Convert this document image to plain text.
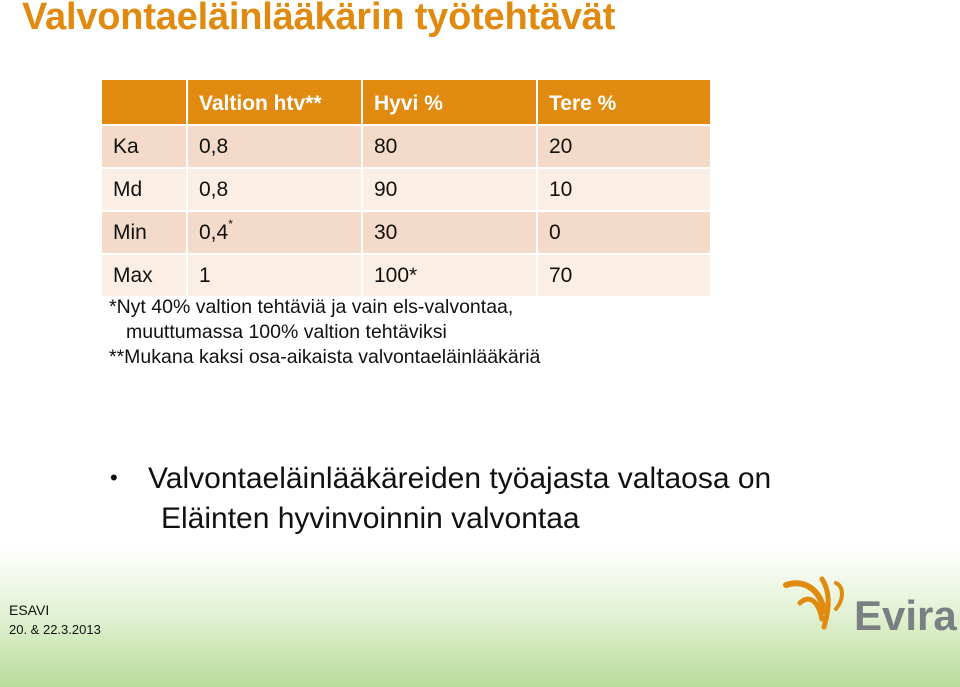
Valvontaeläinlääkärin työtehtävät
	Valtion htv**	Hyvi %	Tere %
Ka	0,8	80	20
Md	0,8	90	10
Min	0,4*	30	0
Max	1	100*	70
*Nyt 40% valtion tehtäviä ja vain els-valvontaa,
muuttumassa 100% valtion tehtäviksi
**Mukana kaksi osa-aikaista valvontaeläinlääkäriä
•	Valvontaeläinlääkäreiden työajasta valtaosa on
Eläinten hyvinvoinnin valvontaa
ESAVI
20. & 22.3.2013	Evira
